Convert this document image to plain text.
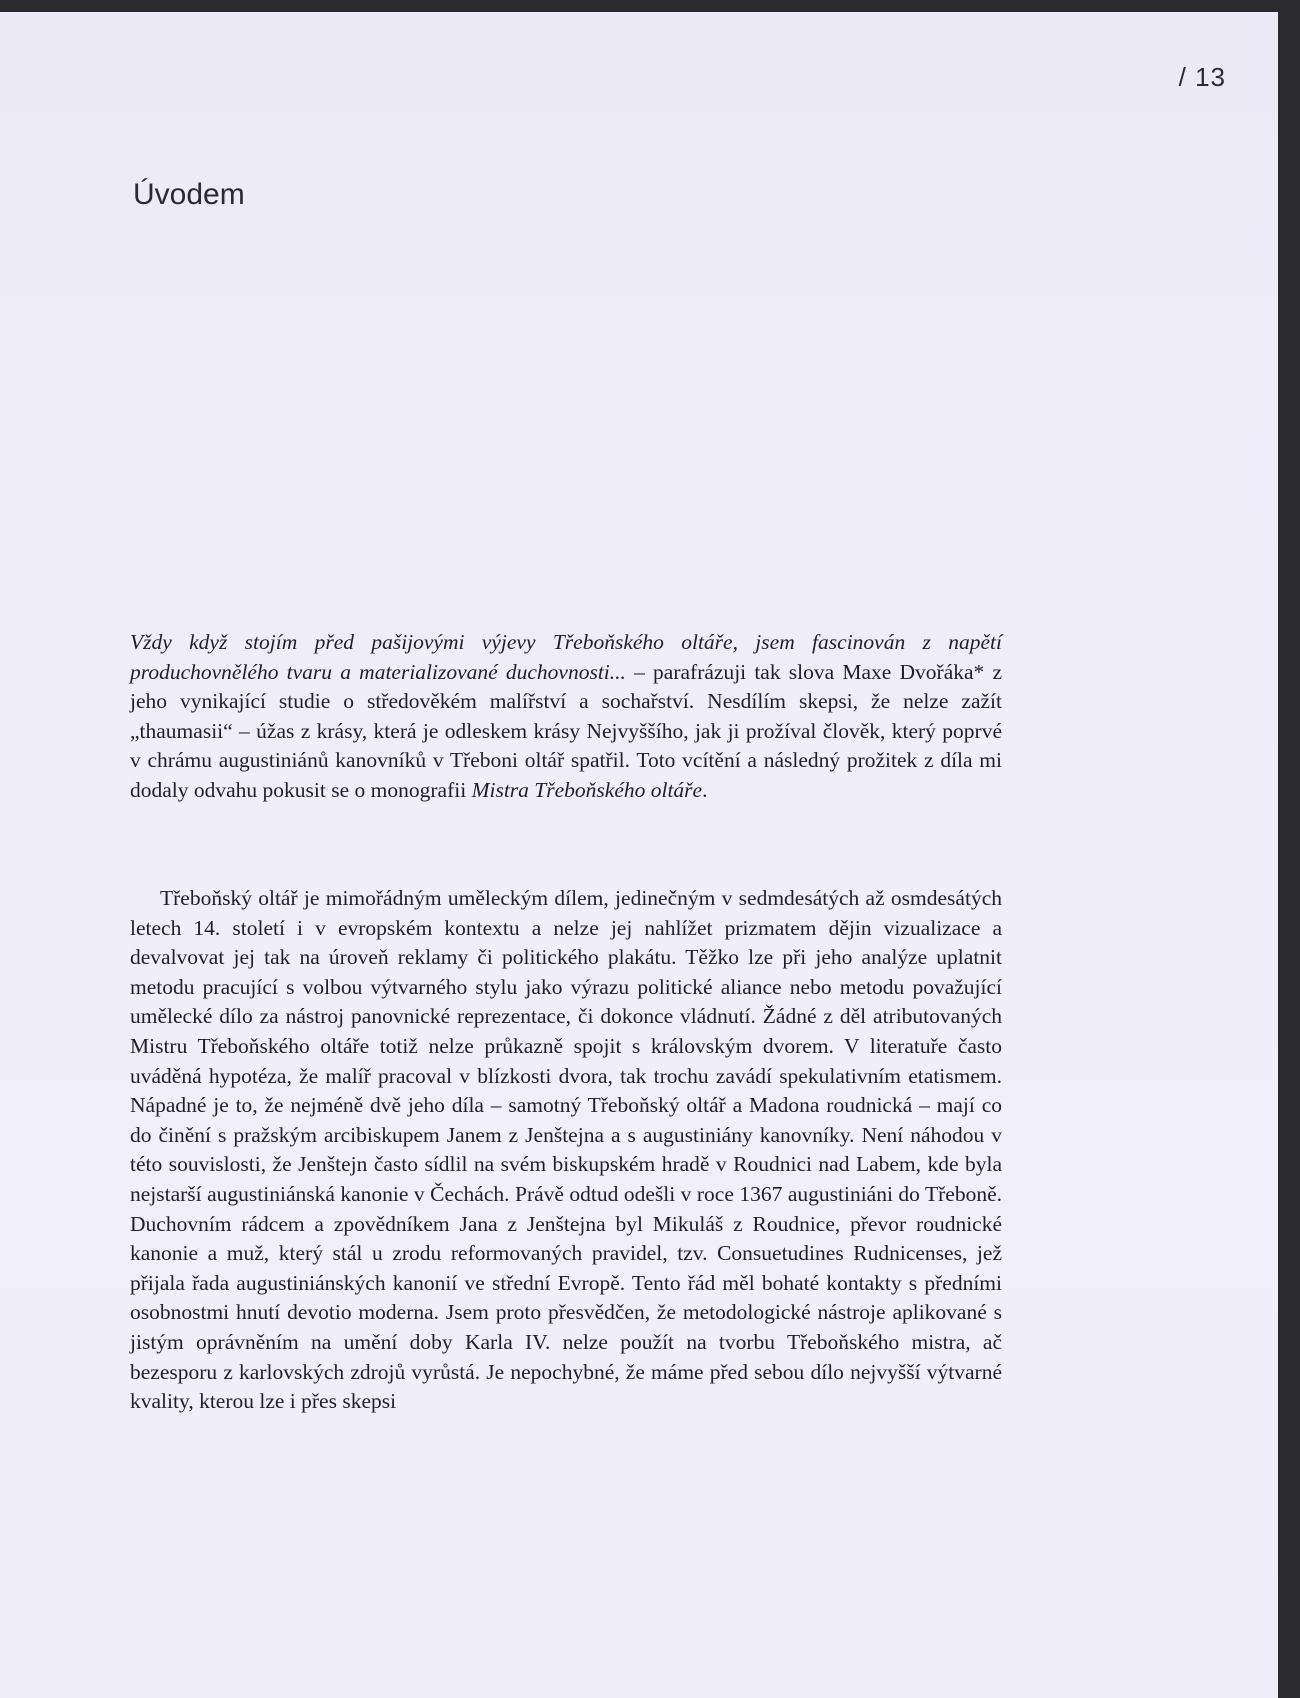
/ 13
Úvodem

Vždy když stojím před pašijovými výjevy Třeboňského oltáře, jsem fascinován z napětí produchovnělého tvaru a materializované duchovnosti... – parafrázuji tak slova Maxe Dvořáka* z jeho vynikající studie o středověkém malířství a sochařství. Nesdílím skepsi, že nelze zažít „thaumasii“ – úžas z krásy, která je odleskem krásy Nejvyššího, jak ji prožíval člověk, který poprvé v chrámu augustiniánů kanovníků v Třeboni oltář spatřil. Toto vcítění a následný prožitek z díla mi dodaly odvahu pokusit se o monografii Mistra Třeboňského oltáře.

Třeboňský oltář je mimořádným uměleckým dílem, jedinečným v sedmdesátých až osmdesátých letech 14. století i v evropském kontextu a nelze jej nahlížet prizmatem dějin vizualizace a devalvovat jej tak na úroveň reklamy či politického plakátu. Těžko lze při jeho analýze uplatnit metodu pracující s volbou výtvarného stylu jako výrazu politické aliance nebo metodu považující umělecké dílo za nástroj panovnické reprezentace, či dokonce vládnutí. Žádné z děl atributovaných Mistru Třeboňského oltáře totiž nelze průkazně spojit s královským dvorem. V literatuře často uváděná hypotéza, že malíř pracoval v blízkosti dvora, tak trochu zavádí spekulativním etatismem. Nápadné je to, že nejméně dvě jeho díla – samotný Třeboňský oltář a Madona roudnická – mají co do činění s pražským arcibiskupem Janem z Jenštejna a s augustiniány kanovníky. Není náhodou v této souvislosti, že Jenštejn často sídlil na svém biskupském hradě v Roudnici nad Labem, kde byla nejstarší augustiniánská kanonie v Čechách. Právě odtud odešli v roce 1367 augustiniáni do Třeboně. Duchovním rádcem a zpovědníkem Jana z Jenštejna byl Mikuláš z Roudnice, převor roudnické kanonie a muž, který stál u zrodu reformovaných pravidel, tzv. Consuetudines Rudnicenses, jež přijala řada augustiniánských kanonií ve střední Evropě. Tento řád měl bohaté kontakty s předními osobnostmi hnutí devotio moderna. Jsem proto přesvědčen, že metodologické nástroje aplikované s jistým oprávněním na umění doby Karla IV. nelze použít na tvorbu Třeboňského mistra, ač bezesporu z karlovských zdrojů vyrůstá. Je nepochybné, že máme před sebou dílo nejvyšší výtvarné kvality, kterou lze i přes skepsi
